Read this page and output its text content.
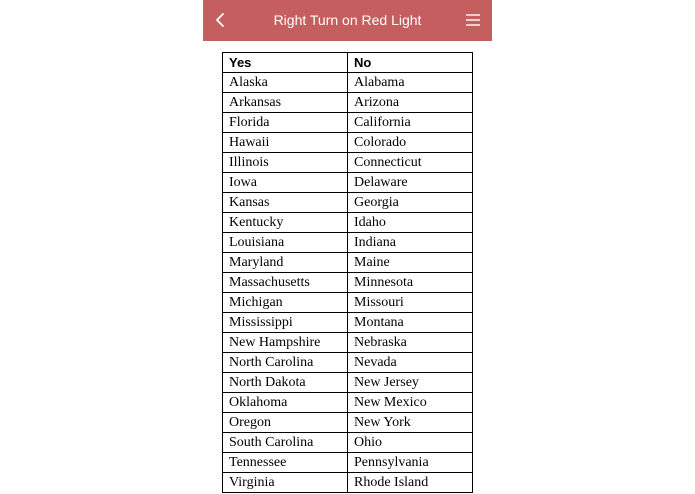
Right Turn on Red Light
Yes	No
Alaska	Alabama
Arkansas	Arizona
Florida	California
Hawaii	Colorado
Illinois	Connecticut
Iowa	Delaware
Kansas	Georgia
Kentucky	Idaho
Louisiana	Indiana
Maryland	Maine
Massachusetts	Minnesota
Michigan	Missouri
Mississippi	Montana
New Hampshire	Nebraska
North Carolina	Nevada
North Dakota	New Jersey
Oklahoma	New Mexico
Oregon	New York
South Carolina	Ohio
Tennessee	Pennsylvania
Virginia	Rhode Island
